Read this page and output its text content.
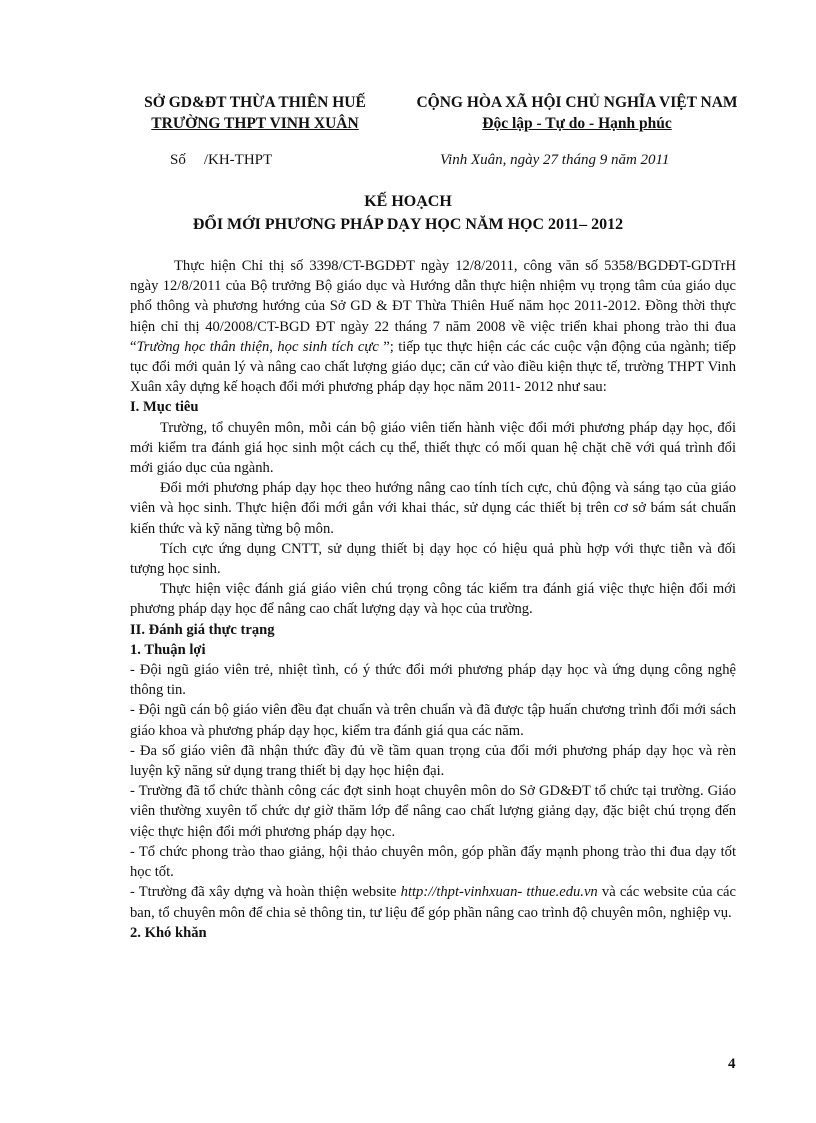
SỞ GD&ĐT THỪA THIÊN HUẾ
TRƯỜNG THPT VINH XUÂN
CỘNG HÒA XÃ HỘI CHỦ NGHĨA VIỆT NAM
Độc lập - Tự do - Hạnh phúc
Số /KH-THPT	Vinh Xuân, ngày 27 tháng 9 năm 2011
KẾ HOẠCH
ĐỔI MỚI PHƯƠNG PHÁP DẠY HỌC NĂM HỌC 2011– 2012

Thực hiện Chỉ thị số 3398/CT-BGDĐT ngày 12/8/2011, công văn số 5358/BGDĐT-GDTrH ngày 12/8/2011 của Bộ trưởng Bộ giáo dục và Hướng dẫn thực hiện nhiệm vụ trọng tâm của giáo dục phổ thông và phương hướng của Sở GD & ĐT Thừa Thiên Huế năm học 2011-2012. Đồng thời thực hiện chỉ thị 40/2008/CT-BGD ĐT ngày 22 tháng 7 năm 2008 về việc triển khai phong trào thi đua “Trường học thân thiện, học sinh tích cực ”; tiếp tục thực hiện các các cuộc vận động của ngành; tiếp tục đổi mới quản lý và nâng cao chất lượng giáo dục; căn cứ vào điều kiện thực tế, trường THPT Vinh Xuân xây dựng kế hoạch đổi mới phương pháp dạy học năm 2011- 2012 như sau:

I. Mục tiêu

Trường, tổ chuyên môn, mỗi cán bộ giáo viên tiến hành việc đổi mới phương pháp dạy học, đổi mới kiểm tra đánh giá học sinh một cách cụ thể, thiết thực có mối quan hệ chặt chẽ với quá trình đổi mới giáo dục của ngành.

Đổi mới phương pháp dạy học theo hướng nâng cao tính tích cực, chủ động và sáng tạo của giáo viên và học sinh. Thực hiện đổi mới gắn với khai thác, sử dụng các thiết bị trên cơ sở bám sát chuẩn kiến thức và kỹ năng từng bộ môn.

Tích cực ứng dụng CNTT, sử dụng thiết bị dạy học có hiệu quả phù hợp với thực tiễn và đối tượng học sinh.

Thực hiện việc đánh giá giáo viên chú trọng công tác kiểm tra đánh giá việc thực hiện đổi mới phương pháp dạy học để nâng cao chất lượng dạy và học của trường.

II. Đánh giá thực trạng

1. Thuận lợi

- Đội ngũ giáo viên trẻ, nhiệt tình, có ý thức đổi mới phương pháp dạy học và ứng dụng công nghệ thông tin.

- Đội ngũ cán bộ giáo viên đều đạt chuẩn và trên chuẩn và đã được tập huấn chương trình đổi mới sách giáo khoa và phương pháp dạy học, kiểm tra đánh giá qua các năm.

- Đa số giáo viên đã nhận thức đầy đủ về tầm quan trọng của đổi mới phương pháp dạy học và rèn luyện kỹ năng sử dụng trang thiết bị dạy học hiện đại.

- Trường đã tổ chức thành công các đợt sinh hoạt chuyên môn do Sở GD&ĐT tổ chức tại trường. Giáo viên thường xuyên tổ chức dự giờ thăm lớp để nâng cao chất lượng giảng dạy, đặc biệt chú trọng đến việc thực hiện đổi mới phương pháp dạy học.

- Tổ chức phong trào thao giảng, hội thảo chuyên môn, góp phần đẩy mạnh phong trào thi đua dạy tốt học tốt.

- Ttrường đã xây dựng và hoàn thiện website http://thpt-vinhxuan- tthue.edu.vn và các website của các ban, tổ chuyên môn để chia sẻ thông tin, tư liệu để góp phần nâng cao trình độ chuyên môn, nghiệp vụ.

2. Khó khăn

4
